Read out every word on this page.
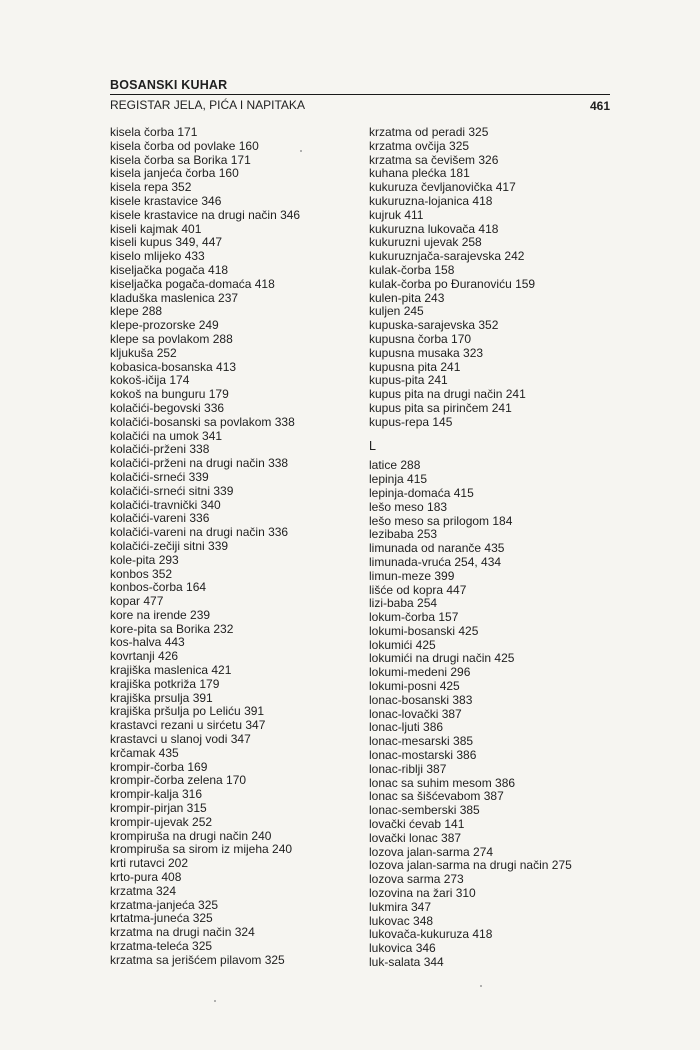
BOSANSKI KUHAR
REGISTAR JELA, PIĆA I NAPITAKA	461
kisela čorba 171
kisela čorba od povlake 160
kisela čorba sa Borika 171
kisela janjeća čorba 160
kisela repa 352
kisele krastavice 346
kisele krastavice na drugi način 346
kiseli kajmak 401
kiseli kupus 349, 447
kiselo mlijeko 433
kiseljačka pogača 418
kiseljačka pogača-domaća 418
kladuška maslenica 237
klepe 288
klepe-prozorske 249
klepe sa povlakom 288
kljukuša 252
kobasica-bosanska 413
kokoš-ičija 174
kokoš na bunguru 179
kolačići-begovski 336
kolačići-bosanski sa povlakom 338
kolačići na umok 341
kolačići-prženi 338
kolačići-prženi na drugi način 338
kolačići-srneći 339
kolačići-srneći sitni 339
kolačići-travnički 340
kolačići-vareni 336
kolačići-vareni na drugi način 336
kolačići-zečiji sitni 339
kole-pita 293
konbos 352
konbos-čorba 164
kopar 477
kore na irende 239
kore-pita sa Borika 232
kos-halva 443
kovrtanji 426
krajiška maslenica 421
krajiška potkriža 179
krajiška prsulja 391
krajiška pršulja po Leliću 391
krastavci rezani u sirćetu 347
krastavci u slanoj vodi 347
krčamak 435
krompir-čorba 169
krompir-čorba zelena 170
krompir-kalja 316
krompir-pirjan 315
krompir-ujevak 252
krompiruša na drugi način 240
krompiruša sa sirom iz mijeha 240
krti rutavci 202
krto-pura 408
krzatma 324
krzatma-janjeća 325
krtatma-juneća 325
krzatma na drugi način 324
krzatma-teleća 325
krzatma sa jerišćem pilavom 325
krzatma od peradi 325
krzatma ovčija 325
krzatma sa čevišem 326
kuhana plećka 181
kukuruza čevljanovička 417
kukuruzna-lojanica 418
kujruk 411
kukuruzna lukovača 418
kukuruzni ujevak 258
kukuruznjača-sarajevska 242
kulak-čorba 158
kulak-čorba po Đuranoviću 159
kulen-pita 243
kuljen 245
kupuska-sarajevska 352
kupusna čorba 170
kupusna musaka 323
kupusna pita 241
kupus-pita 241
kupus pita na drugi način 241
kupus pita sa pirinčem 241
kupus-repa 145
L
latice 288
lepinja 415
lepinja-domaća 415
lešo meso 183
lešo meso sa prilogom 184
lezibaba 253
limunada od naranče 435
limunada-vruća 254, 434
limun-meze 399
lišće od kopra 447
lizi-baba 254
lokum-čorba 157
lokumi-bosanski 425
lokumići 425
lokumići na drugi način 425
lokumi-medeni 296
lokumi-posni 425
lonac-bosanski 383
lonac-lovački 387
lonac-ljuti 386
lonac-mesarski 385
lonac-mostarski 386
lonac-riblji 387
lonac sa suhim mesom 386
lonac sa šišćevabom 387
lonac-semberski 385
lovački ćevab 141
lovački lonac 387
lozova jalan-sarma 274
lozova jalan-sarma na drugi način 275
lozova sarma 273
lozovina na žari 310
lukmira 347
lukovac 348
lukovača-kukuruza 418
lukovica 346
luk-salata 344
